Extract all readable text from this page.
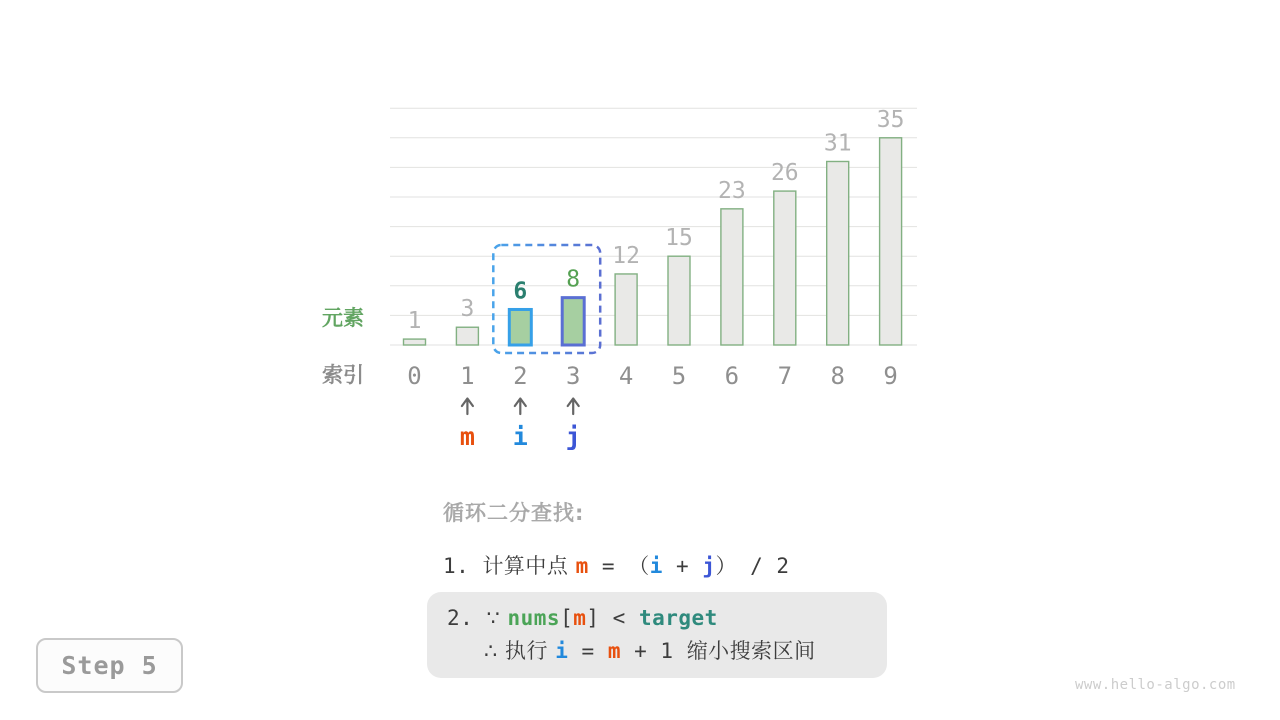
元素
索引
1 3
6 8
12
15
23
26
31
35
0 1 2 3 4 5 6 7 8 9
m i j
循环二分查找:
1. 计算中点 m = （i + j） / 2
2. ∵ nums[m] < target
∴ 执行 i = m + 1 缩小搜索区间
Step 5
www.hello-algo.com
